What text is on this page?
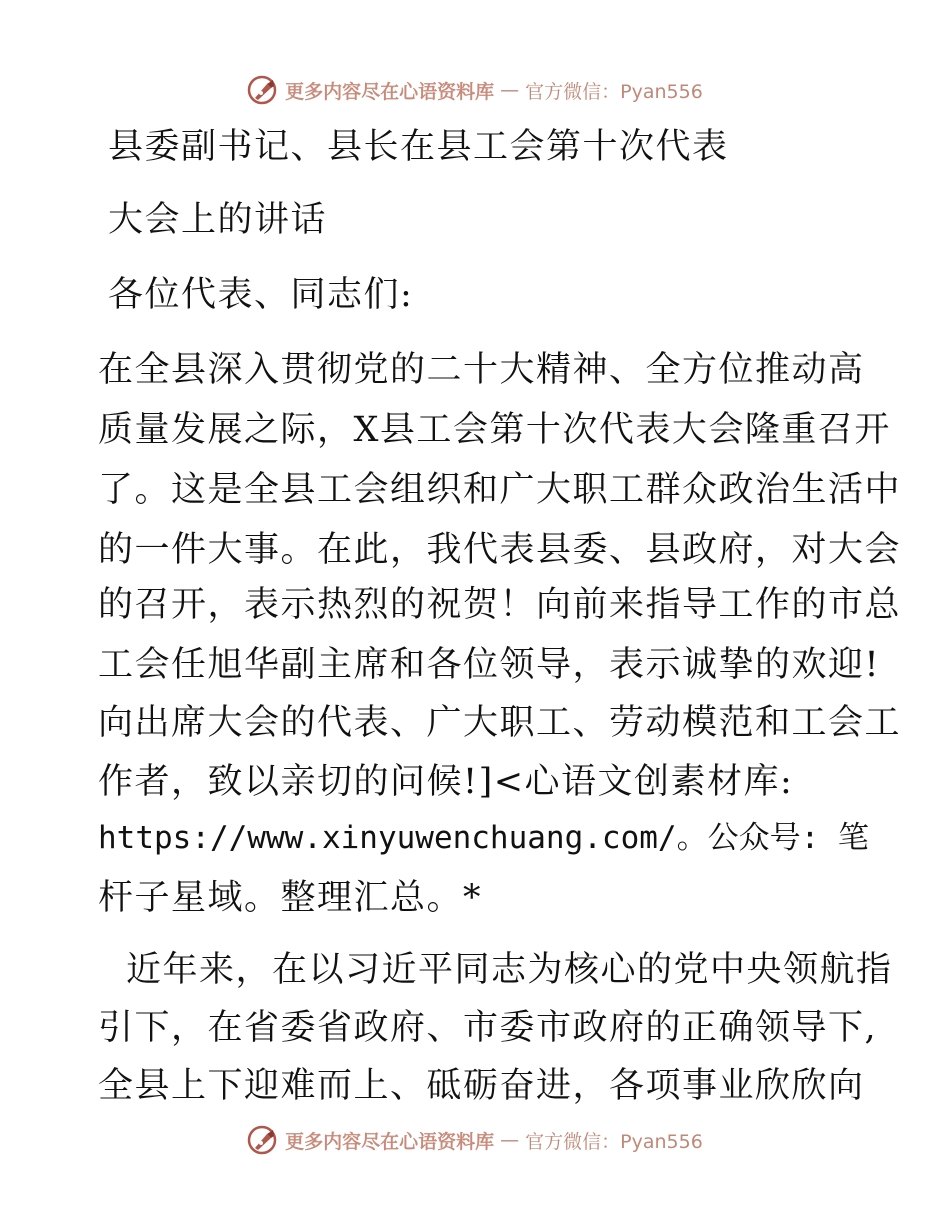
更多内容尽在心语资料库 — 官方微信：Pyan556
县委副书记、县长在县工会第十次代表
大会上的讲话
各位代表、同志们:
在全县深入贯彻党的二十大精神、全方位推动高
质量发展之际，X县工会第十次代表大会隆重召开
了。这是全县工会组织和广大职工群众政治生活中
的一件大事。在此，我代表县委、县政府，对大会
的召开，表示热烈的祝贺！向前来指导工作的市总
工会任旭华副主席和各位领导，表示诚挚的欢迎!
向出席大会的代表、广大职工、劳动模范和工会工
作者，致以亲切的问候!]<心语文创素材库:
https://www.xinyuwenchuang.com/。公众号: 笔
杆子星域。整理汇总。*
近年来，在以习近平同志为核心的党中央领航指
引下，在省委省政府、市委市政府的正确领导下,
全县上下迎难而上、砥砺奋进，各项事业欣欣向
更多内容尽在心语资料库 — 官方微信：Pyan556
